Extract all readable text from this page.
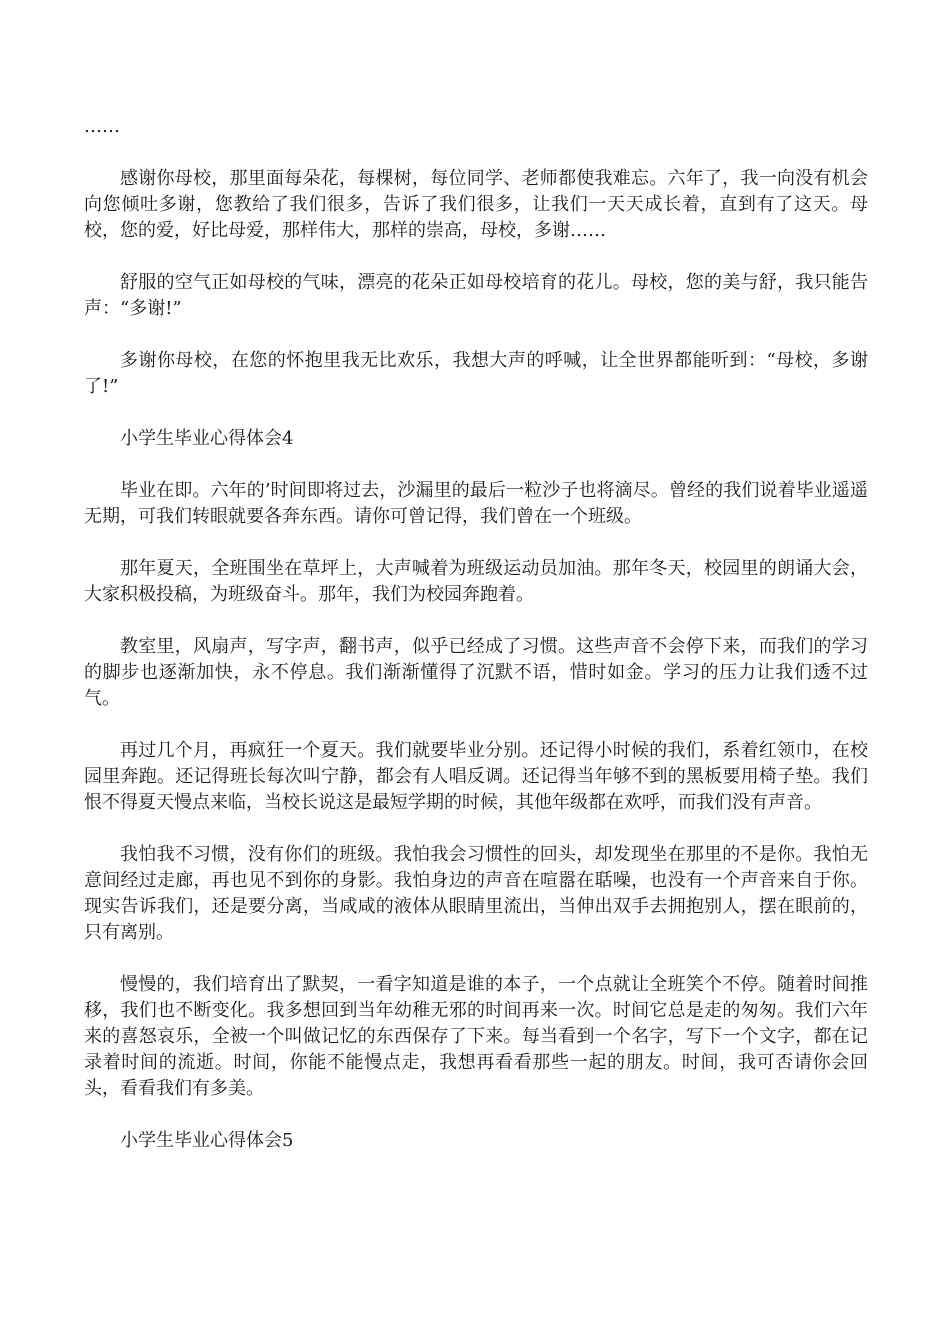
……

感谢你母校，那里面每朵花，每棵树，每位同学、老师都使我难忘。六年了，我一向没有机会向您倾吐多谢，您教给了我们很多，告诉了我们很多，让我们一天天成长着，直到有了这天。母校，您的爱，好比母爱，那样伟大，那样的崇高，母校，多谢……

舒服的空气正如母校的气味，漂亮的花朵正如母校培育的花儿。母校，您的美与舒，我只能告声：“多谢!”

多谢你母校，在您的怀抱里我无比欢乐，我想大声的呼喊，让全世界都能听到：“母校，多谢了!”

小学生毕业心得体会4

毕业在即。六年的’时间即将过去，沙漏里的最后一粒沙子也将滴尽。曾经的我们说着毕业遥遥无期，可我们转眼就要各奔东西。请你可曾记得，我们曾在一个班级。

那年夏天，全班围坐在草坪上，大声喊着为班级运动员加油。那年冬天，校园里的朗诵大会，大家积极投稿，为班级奋斗。那年，我们为校园奔跑着。

教室里，风扇声，写字声，翻书声，似乎已经成了习惯。这些声音不会停下来，而我们的学习的脚步也逐渐加快，永不停息。我们渐渐懂得了沉默不语，惜时如金。学习的压力让我们透不过气。

再过几个月，再疯狂一个夏天。我们就要毕业分别。还记得小时候的我们，系着红领巾，在校园里奔跑。还记得班长每次叫宁静，都会有人唱反调。还记得当年够不到的黑板要用椅子垫。我们恨不得夏天慢点来临，当校长说这是最短学期的时候，其他年级都在欢呼，而我们没有声音。

我怕我不习惯，没有你们的班级。我怕我会习惯性的回头，却发现坐在那里的不是你。我怕无意间经过走廊，再也见不到你的身影。我怕身边的声音在喧嚣在聒噪，也没有一个声音来自于你。现实告诉我们，还是要分离，当咸咸的液体从眼睛里流出，当伸出双手去拥抱别人，摆在眼前的，只有离别。

慢慢的，我们培育出了默契，一看字知道是谁的本子，一个点就让全班笑个不停。随着时间推移，我们也不断变化。我多想回到当年幼稚无邪的时间再来一次。时间它总是走的匆匆。我们六年来的喜怒哀乐，全被一个叫做记忆的东西保存了下来。每当看到一个名字，写下一个文字，都在记录着时间的流逝。时间，你能不能慢点走，我想再看看那些一起的朋友。时间，我可否请你会回头，看看我们有多美。

小学生毕业心得体会5
